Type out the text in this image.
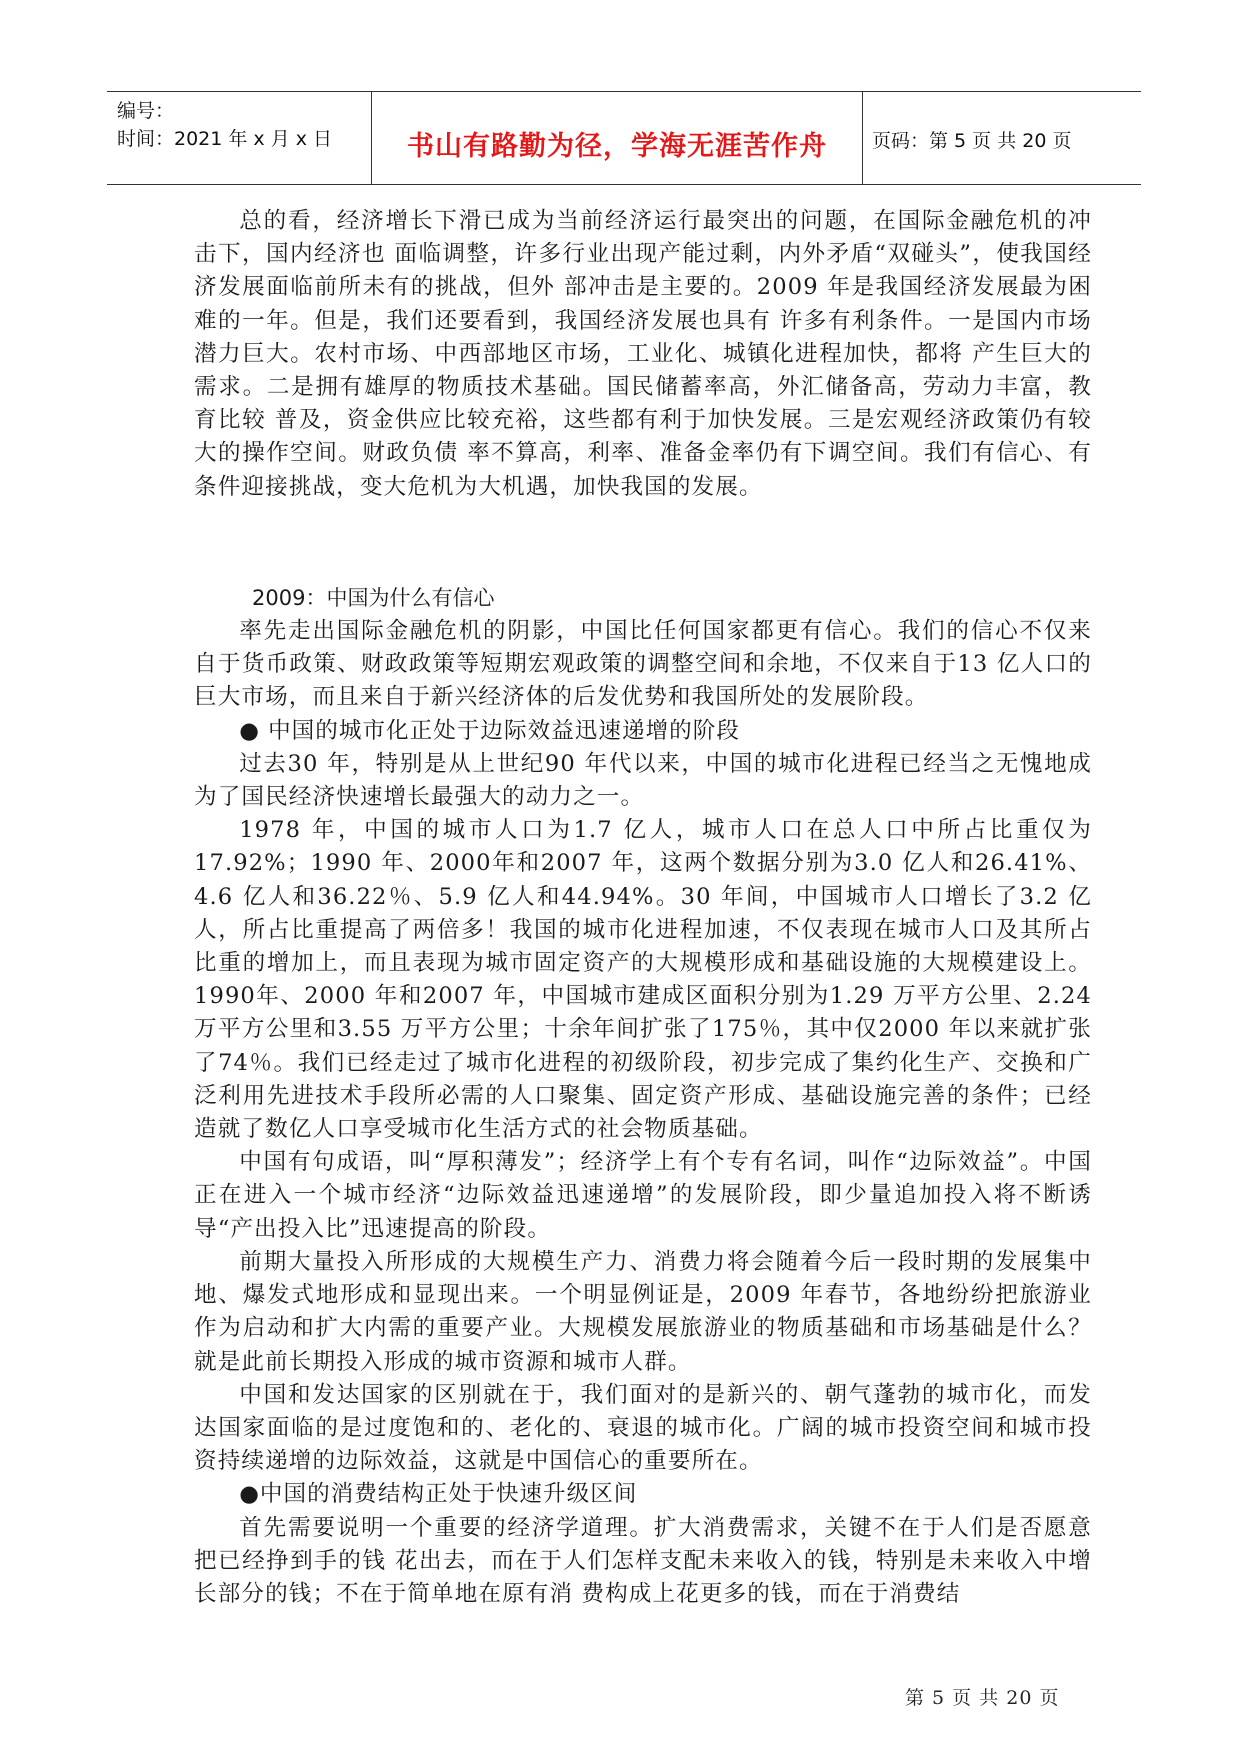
编号：
时间：2021 年 x 月 x 日	书山有路勤为径，学海无涯苦作舟	页码：第 5 页 共 20 页

总的看，经济增长下滑已成为当前经济运行最突出的问题，在国际金融危机的冲击下，国内经济也 面临调整，许多行业出现产能过剩，内外矛盾“双碰头”，使我国经济发展面临前所未有的挑战，但外 部冲击是主要的。2009 年是我国经济发展最为困难的一年。但是，我们还要看到，我国经济发展也具有 许多有利条件。一是国内市场潜力巨大。农村市场、中西部地区市场，工业化、城镇化进程加快，都将 产生巨大的需求。二是拥有雄厚的物质技术基础。国民储蓄率高，外汇储备高，劳动力丰富，教育比较 普及，资金供应比较充裕，这些都有利于加快发展。三是宏观经济政策仍有较大的操作空间。财政负债 率不算高，利率、准备金率仍有下调空间。我们有信心、有条件迎接挑战，变大危机为大机遇，加快我国的发展。

2009：中国为什么有信心

率先走出国际金融危机的阴影，中国比任何国家都更有信心。我们的信心不仅来自于货币政策、财政政策等短期宏观政策的调整空间和余地，不仅来自于13 亿人口的巨大市场，而且来自于新兴经济体的后发优势和我国所处的发展阶段。

● 中国的城市化正处于边际效益迅速递增的阶段

过去30 年，特别是从上世纪90 年代以来，中国的城市化进程已经当之无愧地成为了国民经济快速增长最强大的动力之一。

1978 年，中国的城市人口为1.7 亿人，城市人口在总人口中所占比重仅为17.92%；1990 年、2000年和2007 年，这两个数据分别为3.0 亿人和26.41%、4.6 亿人和36.22％、5.9 亿人和44.94%。30 年间，中国城市人口增长了3.2 亿人，所占比重提高了两倍多！我国的城市化进程加速，不仅表现在城市人口及其所占比重的增加上，而且表现为城市固定资产的大规模形成和基础设施的大规模建设上。1990年、2000 年和2007 年，中国城市建成区面积分别为1.29 万平方公里、2.24 万平方公里和3.55 万平方公里；十余年间扩张了175％，其中仅2000 年以来就扩张了74％。我们已经走过了城市化进程的初级阶段，初步完成了集约化生产、交换和广泛利用先进技术手段所必需的人口聚集、固定资产形成、基础设施完善的条件；已经造就了数亿人口享受城市化生活方式的社会物质基础。

中国有句成语，叫“厚积薄发”；经济学上有个专有名词，叫作“边际效益”。中国正在进入一个城市经济“边际效益迅速递增”的发展阶段，即少量追加投入将不断诱导“产出投入比”迅速提高的阶段。

前期大量投入所形成的大规模生产力、消费力将会随着今后一段时期的发展集中地、爆发式地形成和显现出来。一个明显例证是，2009 年春节，各地纷纷把旅游业作为启动和扩大内需的重要产业。大规模发展旅游业的物质基础和市场基础是什么？就是此前长期投入形成的城市资源和城市人群。

中国和发达国家的区别就在于，我们面对的是新兴的、朝气蓬勃的城市化，而发达国家面临的是过度饱和的、老化的、衰退的城市化。广阔的城市投资空间和城市投资持续递增的边际效益，这就是中国信心的重要所在。

●中国的消费结构正处于快速升级区间

首先需要说明一个重要的经济学道理。扩大消费需求，关键不在于人们是否愿意把已经挣到手的钱 花出去，而在于人们怎样支配未来收入的钱，特别是未来收入中增长部分的钱；不在于简单地在原有消 费构成上花更多的钱，而在于消费结

第 5 页 共 20 页
